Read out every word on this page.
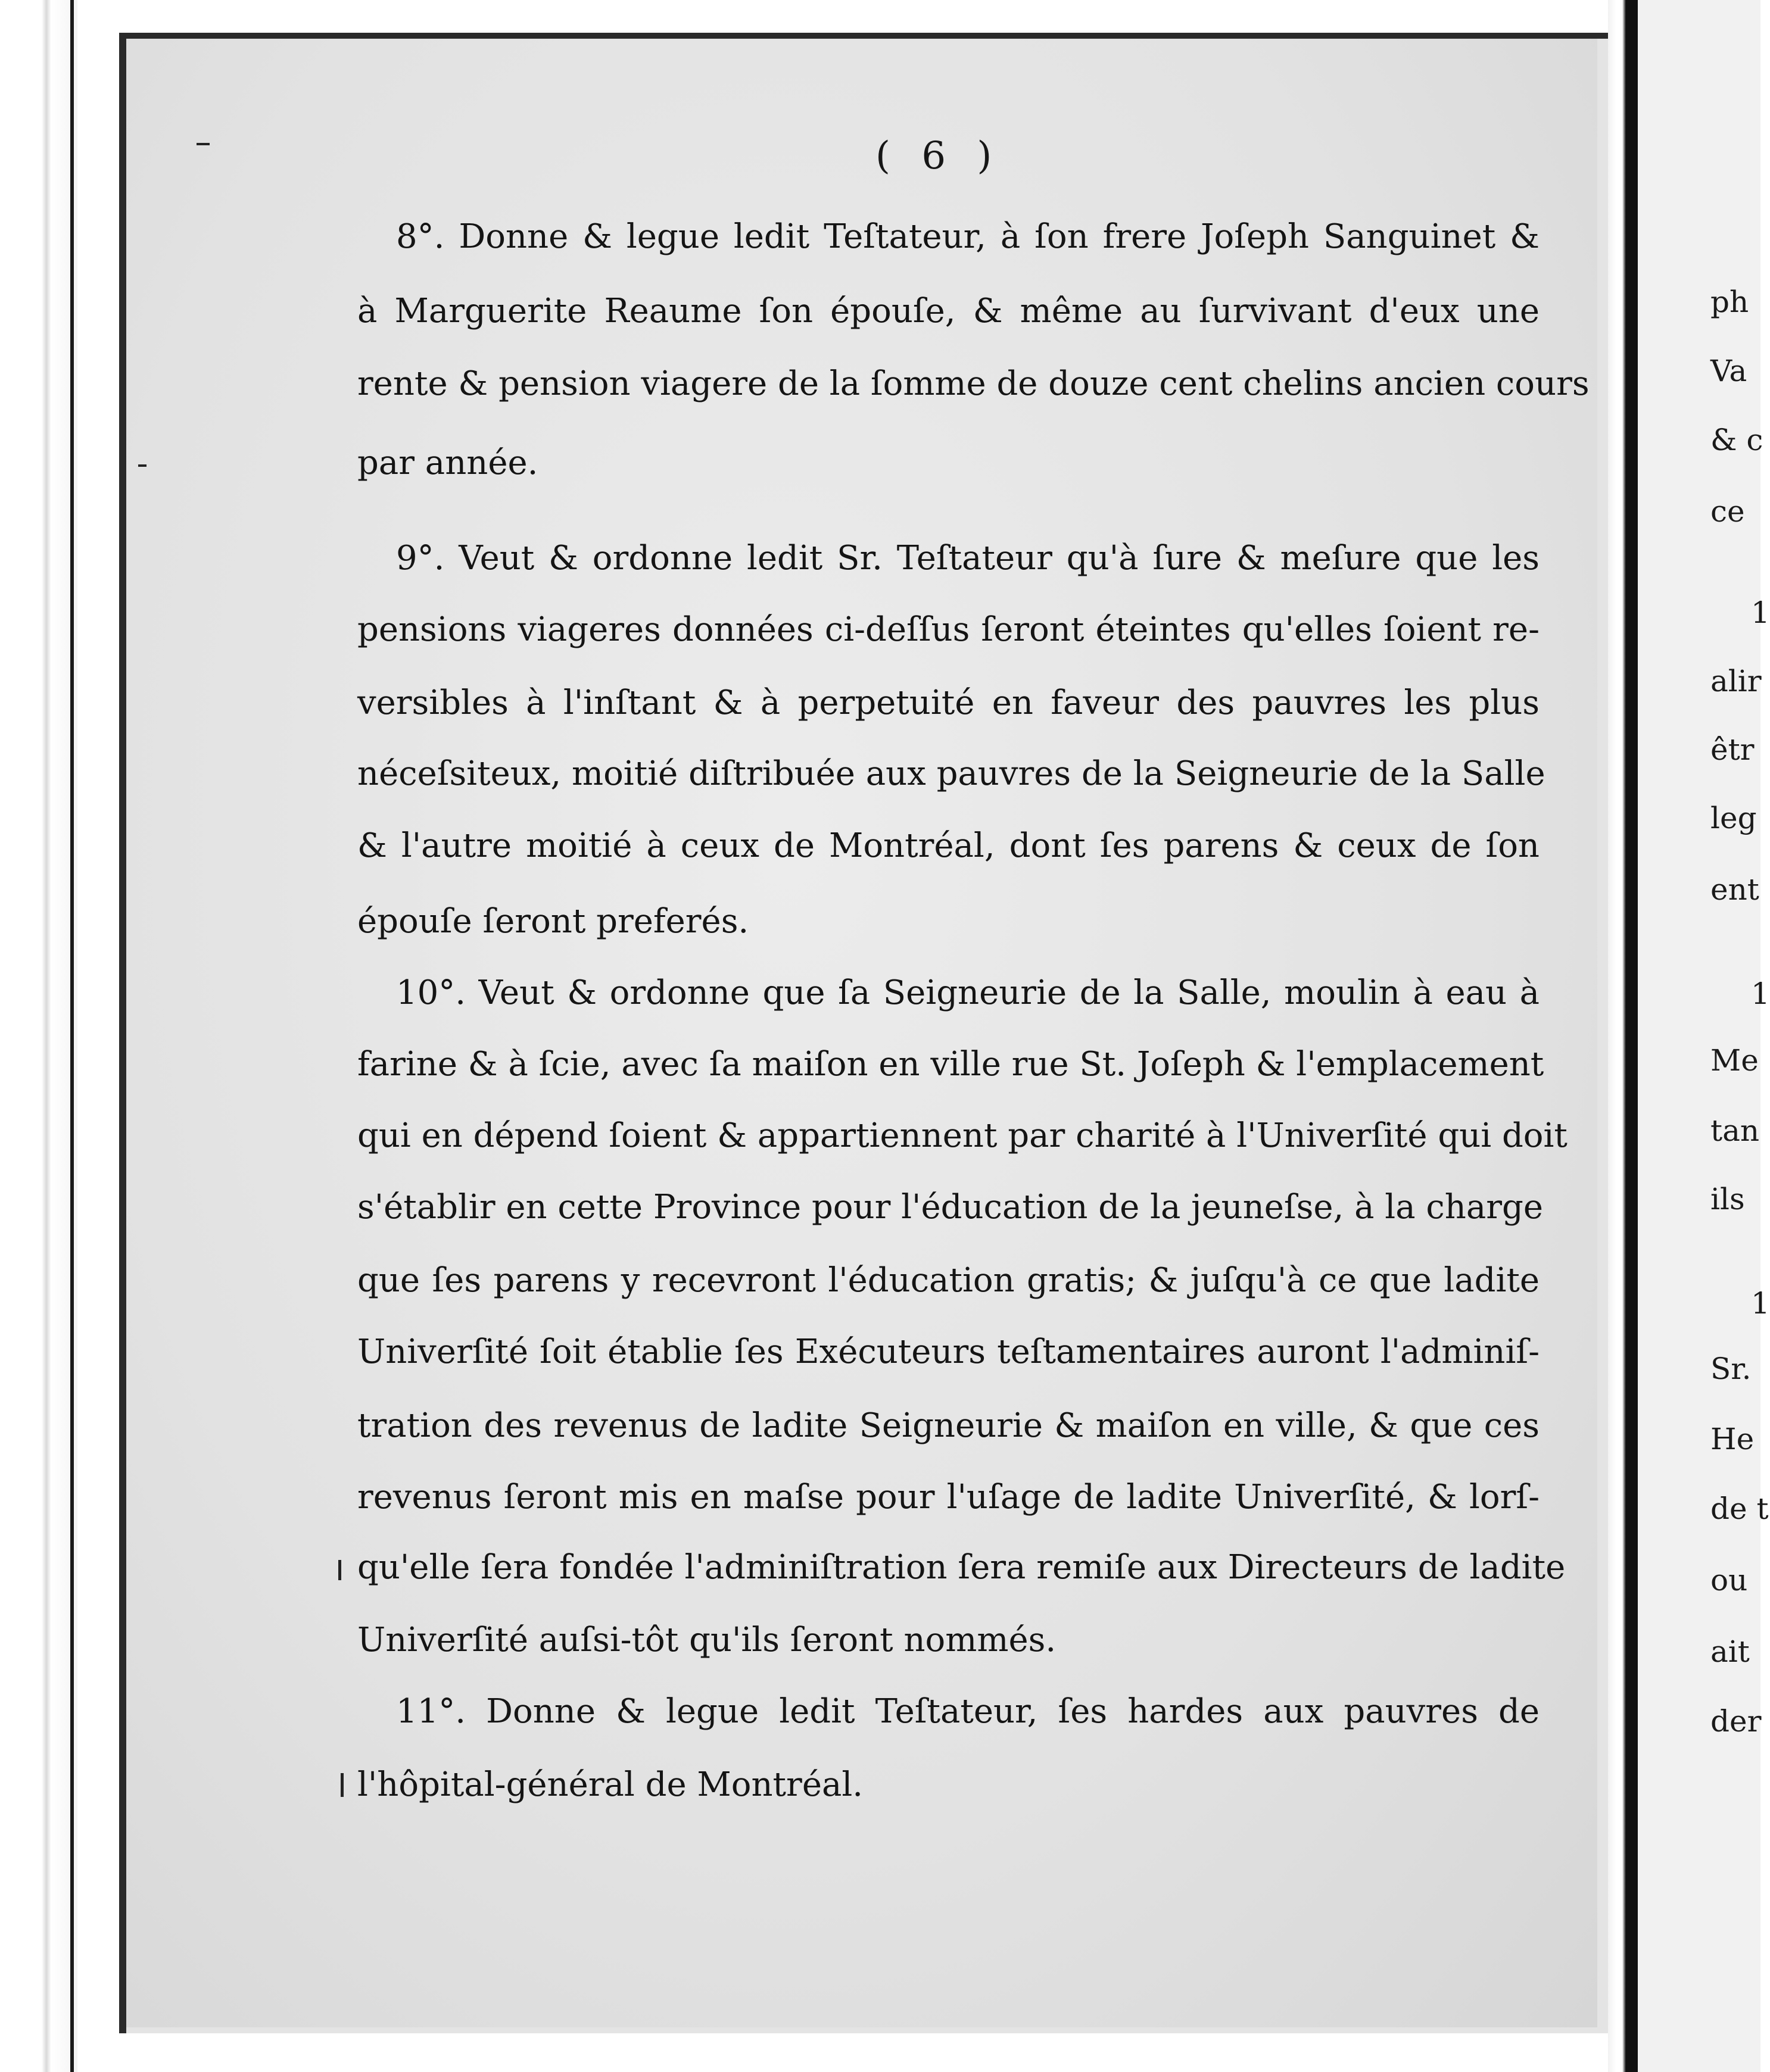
( 6 )
8°. Donne & legue ledit Teſtateur, à ſon frere Joſeph Sanguinet &
à Marguerite Reaume ſon épouſe, & même au ſurvivant d'eux une
rente & pension viagere de la ſomme de douze cent chelins ancien cours
par année.
9°. Veut & ordonne ledit Sr. Teſtateur qu'à ſure & meſure que les
pensions viageres données ci-deſſus ſeront éteintes qu'elles ſoient re-
versibles à l'inſtant & à perpetuité en faveur des pauvres les plus
néceſsiteux, moitié diſtribuée aux pauvres de la Seigneurie de la Salle
& l'autre moitié à ceux de Montréal, dont ſes parens & ceux de ſon
épouſe ſeront preferés.
10°. Veut & ordonne que ſa Seigneurie de la Salle, moulin à eau à
farine & à ſcie, avec ſa maiſon en ville rue St. Joſeph & l'emplacement
qui en dépend ſoient & appartiennent par charité à l'Univerſité qui doit
s'établir en cette Province pour l'éducation de la jeuneſse, à la charge
que ſes parens y recevront l'éducation gratis; & juſqu'à ce que ladite
Univerſité ſoit établie ſes Exécuteurs teſtamentaires auront l'adminiſ-
tration des revenus de ladite Seigneurie & maiſon en ville, & que ces
revenus ſeront mis en maſse pour l'uſage de ladite Univerſité, & lorſ-
qu'elle ſera fondée l'adminiſtration ſera remiſe aux Directeurs de ladite
Univerſité auſsi-tôt qu'ils ſeront nommés.
11°. Donne & legue ledit Teſtateur, ſes hardes aux pauvres de
l'hôpital-général de Montréal.
ph
Va
& c
ce
1
alir
êtr
leg
ent
1
Me
tan
ils
1
Sr.
He
de t
ou
ait
der
